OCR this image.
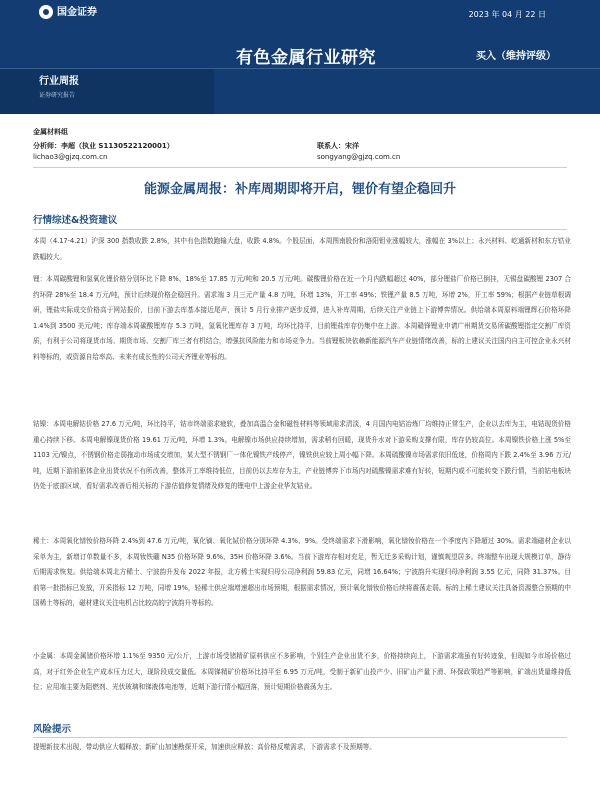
国金证券	2023 年 04 月 22 日
有色金属行业研究	买入（维持评级）
行业周报
证券研究报告
金属材料组
分析师：李超（执业 S1130522120001）
lichao3@gjzq.com.cn
联系人：宋洋
songyang@gjzq.com.cn
能源金属周报：补库周期即将开启，锂价有望企稳回升
行情综述&投资建议

本周（4.17-4.21）沪深 300 指数收跌 2.8%，其中有色指数跑输大盘，收跌 4.8%。个股层面，本周图南股份和洛阳钼业涨幅较大，涨幅在 3%以上；永兴材料、屹通新材和东方锆业跌幅较大。

锂：本周碳酸锂和氢氧化锂价格分别环比下降 8%、18%至 17.85 万元/吨和 20.5 万元/吨。碳酸锂价格在近一个月内跌幅超过 40%，部分锂盐厂价格已倒挂，无锡盘碳酸锂 2307 合约环降 28%至 18.4 万元/吨，预计后续现价格企稳回升。需求端 3 月三元产量 4.8 万吨，环增 13%，开工率 49%；铁锂产量 8.5 万吨，环增 2%，开工率 59%；根据产业链草根调研，锂盐实际成交价格高于网站报价，目前下游去库基本接近尾声，预计 5 月行业排产逐步反弹，进入补库周期，后续关注产业链上下游博弈情况。供给端本周原料端锂辉石价格环降 1.4%到 3500 美元/吨；库存端本周碳酸锂库存 5.3 万吨，氢氧化锂库存 3 万吨，均环比持平，目前锂盐库存仍集中在上游。本周赣锋锂业申请广州期货交易所碳酸锂指定交割厂库资质，有利于公司将现货市场、期货市场、交割厂库三者有机结合，增强抗风险能力和市场竞争力。当前锂板块依赖新能源汽车产业链情绪改善，标的上建议关注国内自主可控企业永兴材料等标的，或资源自给率高、未来有成长性的公司天齐锂业等标的。

钴镍：本周电解钴价格 27.6 万元/吨，环比持平，钴市终端需求疲软，叠加高温合金和磁性材料等领域需求清淡，4 月国内电钴冶炼厂均维持正常生产，企业以去库为主，电钴现货价格重心持续下移。本周电解镍现货价格 19.61 万元/吨，环增 1.3%。电解镍市场供应持续增加，需求稍有回暖，现货升水对下游采购支撑有限，库存仍较高位。本周镍铁价格上涨 5%至 1103 元/镍点，不锈钢价格走弱拖动市场成交增加，某大型不锈钢厂一体化镍铁产线停产，镍铁供应较上周小幅下降。本周硫酸镍市场需求依旧低迷，价格周内下跌 2.4%至 3.96 万元/吨，近期下游前驱体企业出货状况不有所改善，整体开工率维持低位，目前仍以去库存为主，产业链博弈下市场内对硫酸镍需求难有好转，短期内或不可能转变下跌行情，当前钴电板块仍处于底部区域，看好需求改善后相关标的下游估值修复情绪及修复的锂电中上游企业华友钴业。

稀土：本周氧化镨钕价格环降 2.4%到 47.6 万元/吨，氧化镝、氧化铽价格分别环降 4.3%、9%。受终端需求下滑影响，氧化镨钕价格在一个季度内下降超过 30%。需求端磁材企业以采单为主，新增订单数量不多，本周钕铁硼 N35 价格环降 9.6%、35H 价格环降 3.6%。当前下游库存相对充足，暂无迁多采购计划，谨慎观望居多。终端整车出现大规模订单，静待后期需求恢复。供给端本周北方稀土、宁波韵升发布 2022 年报，北方稀土实现归母公司净利润 59.83 亿元，同增 16.64%；宁波韵升实现归母净利润 3.55 亿元，同降 31.37%。目前第一批指标已发放，开采指标 12 万吨，同增 19%，轻稀土供应端增速超出市场预期，根据需求情况，预计氧化镨钕价格后续将震荡走弱。标的上稀土建议关注具备资源整合预期的中国稀土等标的，磁材建议关注电机占比较高的宁波韵升等标的。

小金属：本周金属锗价格环增 1.1%至 9350 元/公斤，上游市场受锗精矿原料供应不多影响，个别生产企业出货不多，价格持续向上，下游需求端虽有好转迹象，但现如今市场价格过高，对于红外企业生产成本压力过大，现阶段成交量低。本周锑精矿价格环比持平至 6.95 万元/吨，受制于新矿山投产少、旧矿山产量下滑、环保政策趋严等影响，矿端出货量维持低位；应用端主要为阻燃剂、光伏玻璃和锑液体电池等，近期下游行情小幅回落，预计短期价格震荡为主。

风险提示

提锂新技术出现，带动供应大幅释放；新矿山加速勘探开采，加速供应释放；高价格反噬需求，下游需求不及预期等。
